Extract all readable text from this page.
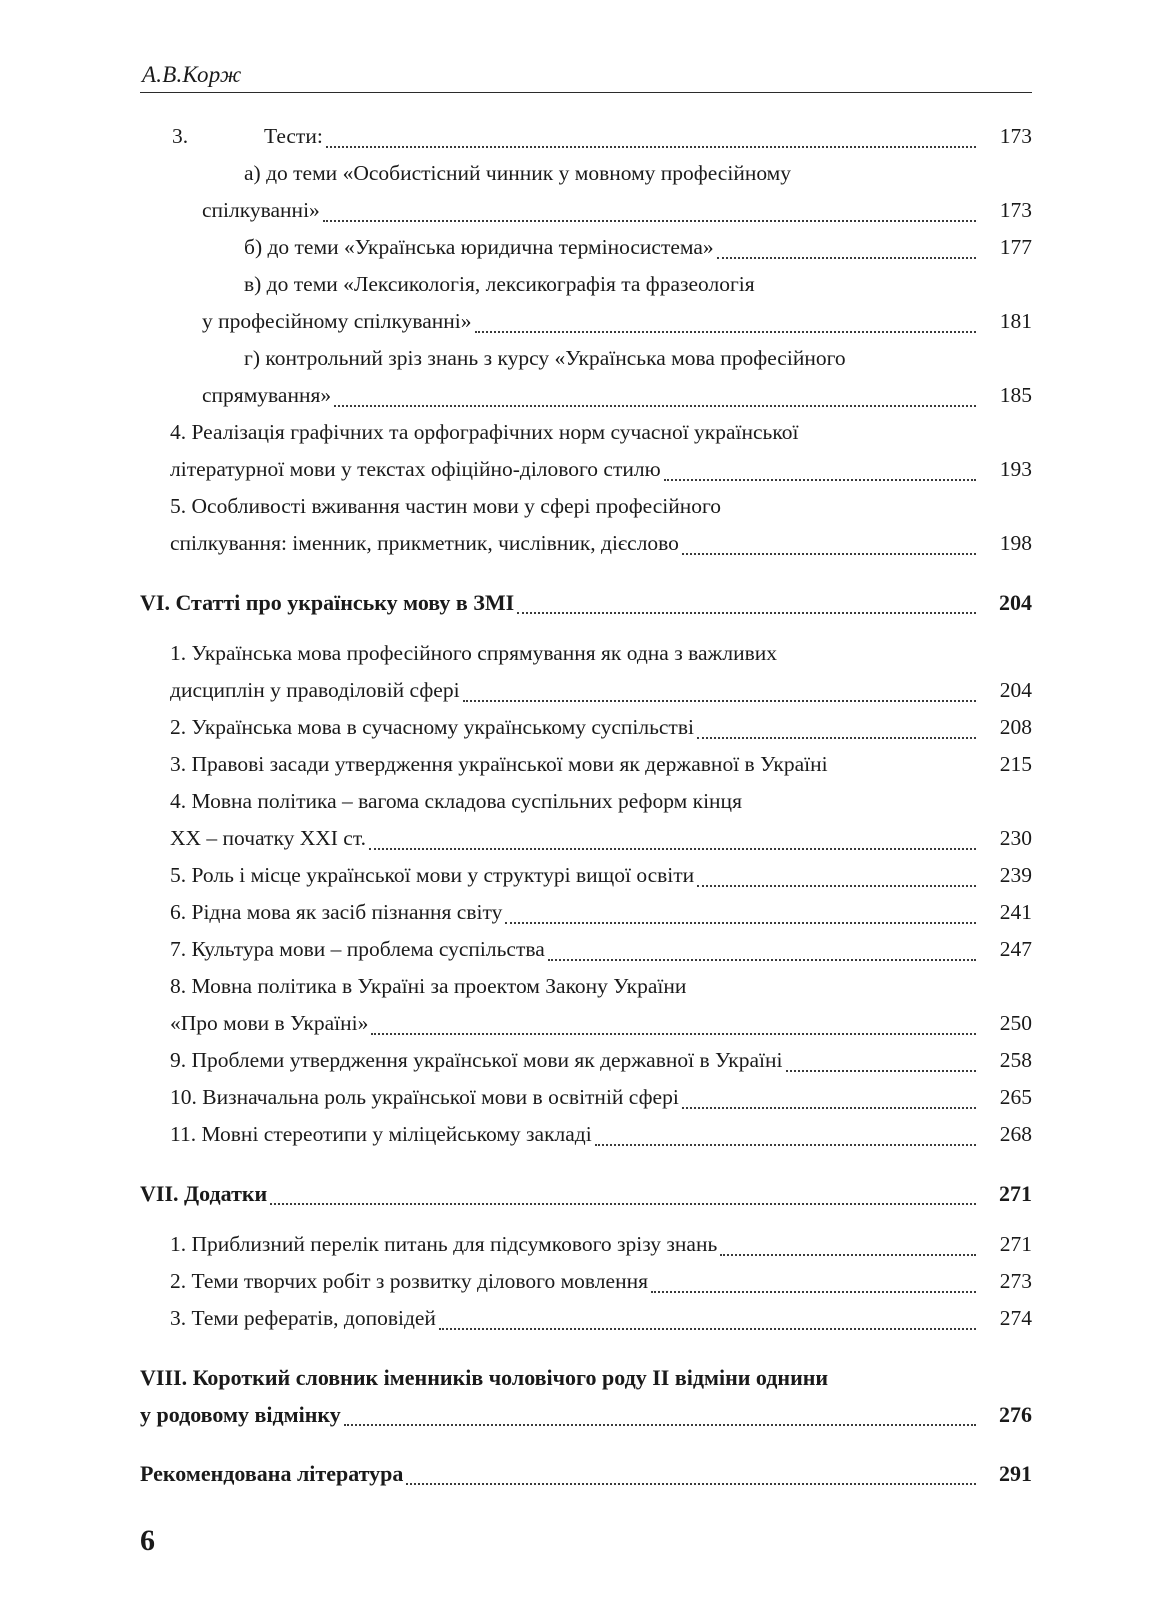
А.В.Корж
3.	Тести:	173
а) до теми «Особистісний чинник у мовному професійному
спілкуванні»	173
б) до теми «Українська юридична терміносистема»	177
в) до теми «Лексикологія, лексикографія та фразеологія
у професійному спілкуванні»	181
г) контрольний зріз знань з курсу «Українська мова професійного
спрямування»	185
4. Реалізація графічних та орфографічних норм сучасної української
літературної мови у текстах офіційно-ділового стилю	193
5. Особливості вживання частин мови у сфері професійного
спілкування: іменник, прикметник, числівник, дієслово	198
VI. Статті про українську мову в ЗМІ	204
1. Українська мова професійного спрямування як одна з важливих
дисциплін у праводіловій сфері	204
2. Українська мова в сучасному українському суспільстві	208
3. Правові засади утвердження української мови як державної в Україні	215
4. Мовна політика – вагома складова суспільних реформ кінця
XX – початку XXI ст.	230
5. Роль і місце української мови у структурі вищої освіти	239
6. Рідна мова як засіб пізнання світу	241
7. Культура мови – проблема суспільства	247
8. Мовна політика в Україні за проектом Закону України
«Про мови в Україні»	250
9. Проблеми утвердження української мови як державної в Україні	258
10. Визначальна роль української мови в освітній сфері	265
11. Мовні стереотипи у міліцейському закладі	268
VII. Додатки	271
1. Приблизний перелік питань для підсумкового зрізу знань	271
2. Теми творчих робіт з розвитку ділового мовлення	273
3. Теми рефератів, доповідей	274
VIII. Короткий словник іменників чоловічого роду II відміни однини
у родовому відмінку	276
Рекомендована література	291
6
